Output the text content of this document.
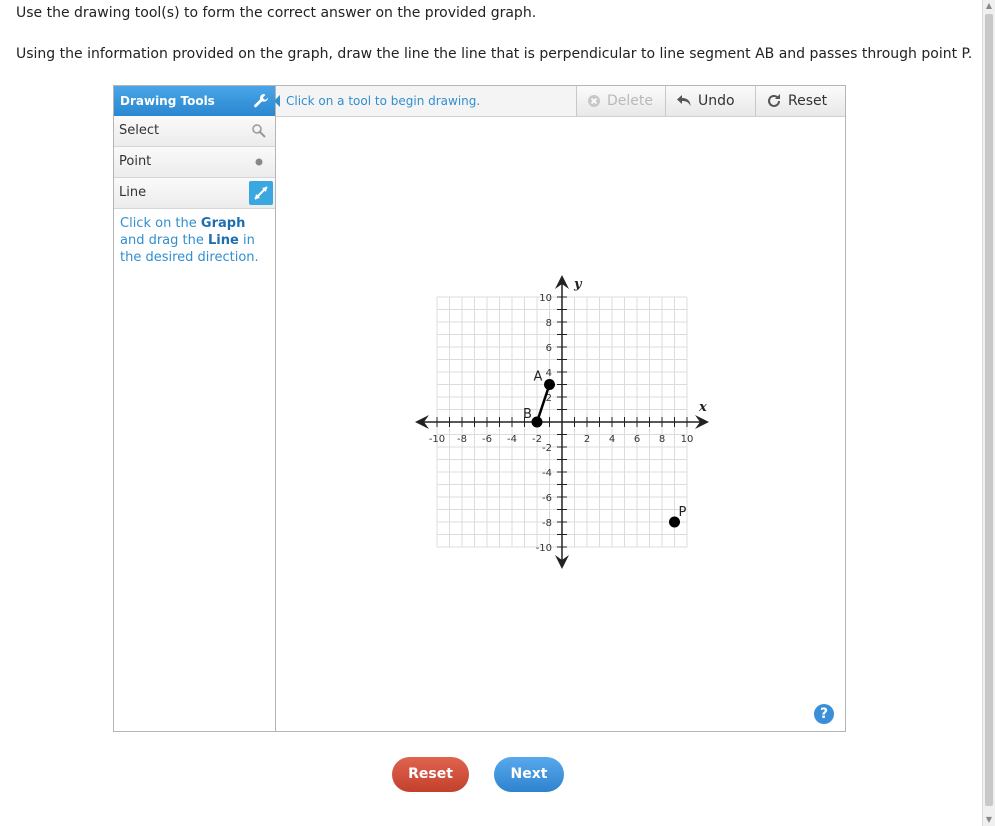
Use the drawing tool(s) to form the correct answer on the provided graph.
Using the information provided on the graph, draw the line the line that is perpendicular to line segment AB and passes through point P.
▲
▼
Drawing Tools
Select
Point
Line
Click on the Graph and drag the Line in the desired direction.
Click on a tool to begin drawing.	Delete	Undo	Reset
-10 -8 -6 -4 -2	2 4 6 8 10
-10
-8
-6
-4
-2
2
4
6
8
10
x
y
A
B
P
?
Reset	Next
